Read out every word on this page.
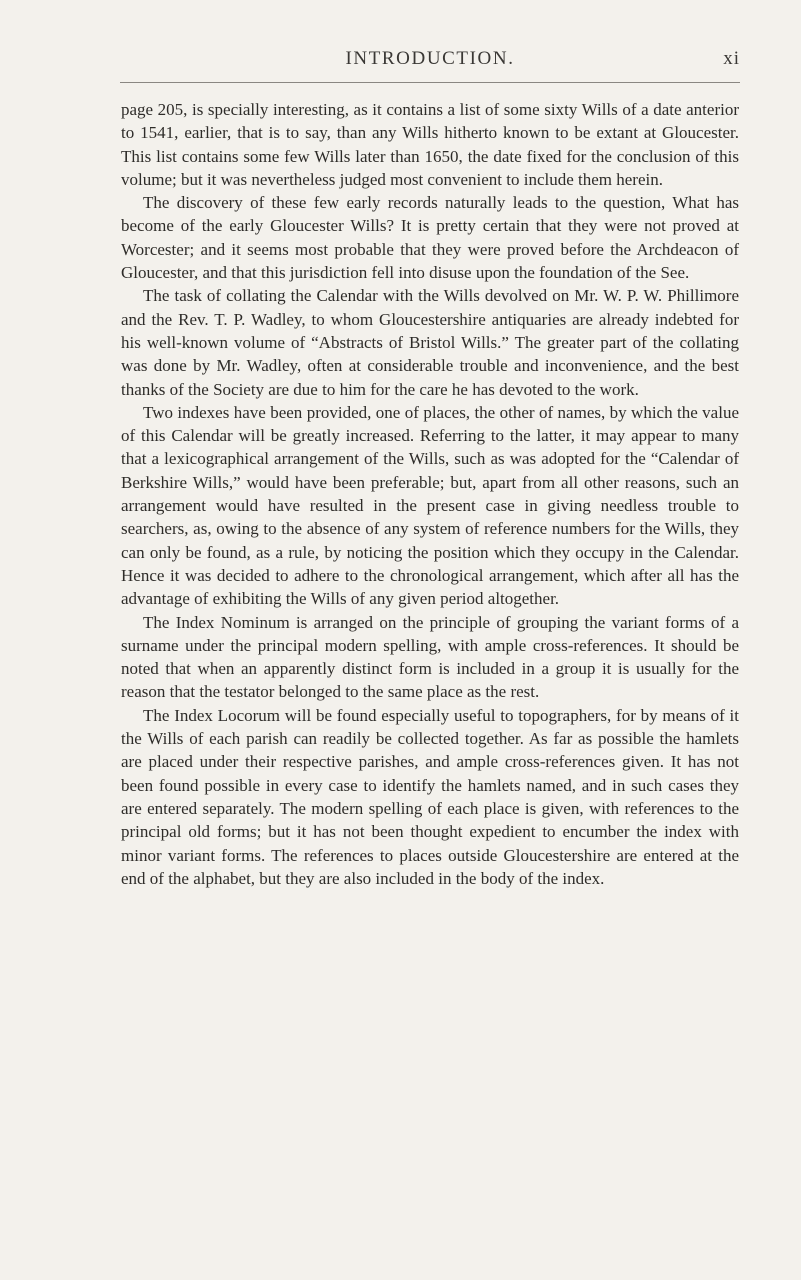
INTRODUCTION.	xi

page 205, is specially interesting, as it contains a list of some sixty Wills of a date anterior to 1541, earlier, that is to say, than any Wills hitherto known to be extant at Gloucester. This list contains some few Wills later than 1650, the date fixed for the conclusion of this volume; but it was nevertheless judged most convenient to include them herein.

The discovery of these few early records naturally leads to the question, What has become of the early Gloucester Wills? It is pretty certain that they were not proved at Worcester; and it seems most probable that they were proved before the Archdeacon of Gloucester, and that this jurisdiction fell into disuse upon the foundation of the See.

The task of collating the Calendar with the Wills devolved on Mr. W. P. W. Phillimore and the Rev. T. P. Wadley, to whom Gloucestershire antiquaries are already indebted for his well-known volume of “Abstracts of Bristol Wills.” The greater part of the collating was done by Mr. Wadley, often at considerable trouble and inconvenience, and the best thanks of the Society are due to him for the care he has devoted to the work.

Two indexes have been provided, one of places, the other of names, by which the value of this Calendar will be greatly increased. Referring to the latter, it may appear to many that a lexicographical arrangement of the Wills, such as was adopted for the “Calendar of Berkshire Wills,” would have been preferable; but, apart from all other reasons, such an arrangement would have resulted in the present case in giving needless trouble to searchers, as, owing to the absence of any system of reference numbers for the Wills, they can only be found, as a rule, by noticing the position which they occupy in the Calendar. Hence it was decided to adhere to the chronological arrangement, which after all has the advantage of exhibiting the Wills of any given period altogether.

The Index Nominum is arranged on the principle of grouping the variant forms of a surname under the principal modern spelling, with ample cross-references. It should be noted that when an apparently distinct form is included in a group it is usually for the reason that the testator belonged to the same place as the rest.

The Index Locorum will be found especially useful to topographers, for by means of it the Wills of each parish can readily be collected together. As far as possible the hamlets are placed under their respective parishes, and ample cross-references given. It has not been found possible in every case to identify the hamlets named, and in such cases they are entered separately. The modern spelling of each place is given, with references to the principal old forms; but it has not been thought expedient to encumber the index with minor variant forms. The references to places outside Gloucestershire are entered at the end of the alphabet, but they are also included in the body of the index.
